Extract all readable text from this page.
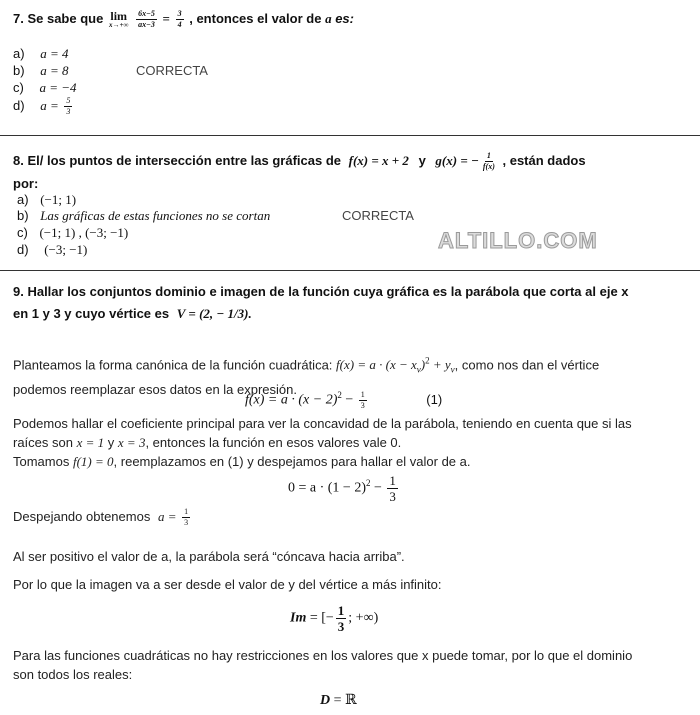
7. Se sabe que lim
x→+∞
$\frac{6x-5}{ax-3} = \frac{3}{4}$ , entonces el valor de a es:
a) a = 4
b) a = 8	CORRECTA
c) a = −4
d) $a = \frac{5}{3}$
8. El/ los puntos de intersección entre las gráficas de f(x) = x + 2 y g(x) = − $\frac{1}{f(x)}$ , están dados
por:
a) (−1; 1)
b) Las gráficas de estas funciones no se cortan	CORRECTA
c) (−1; 1) , (−3; −1)
d) (−3; −1)	ALTILLO.COM
9. Hallar los conjuntos dominio e imagen de la función cuya gráfica es la parábola que corta al eje x
en 1 y 3 y cuyo vértice es V = (2, − 1/3).
Planteamos la forma canónica de la función cuadrática: $f(x) = a \cdot (x - x_v)^2 + y_v$, como nos dan el vértice
podemos reemplazar esos datos en la expresión.
$f(x) = a \cdot (x - 2)^2 - \frac{1}{3}$	(1)
Podemos hallar el coeficiente principal para ver la concavidad de la parábola, teniendo en cuenta que si las
raíces son x = 1 y x = 3, entonces la función en esos valores vale 0.
Tomamos f(1) = 0, reemplazamos en (1) y despejamos para hallar el valor de a.
$0 = a \cdot (1 - 2)^2 - \frac{1}{3}$
Despejando obtenemos $a = \frac{1}{3}$
Al ser positivo el valor de a, la parábola será “cóncava hacia arriba”.
Por lo que la imagen va a ser desde el valor de y del vértice a más infinito:
Im = [− $\frac{1}{3}$ ; +∞)
Para las funciones cuadráticas no hay restricciones en los valores que x puede tomar, por lo que el dominio
son todos los reales:
D = ℝ
